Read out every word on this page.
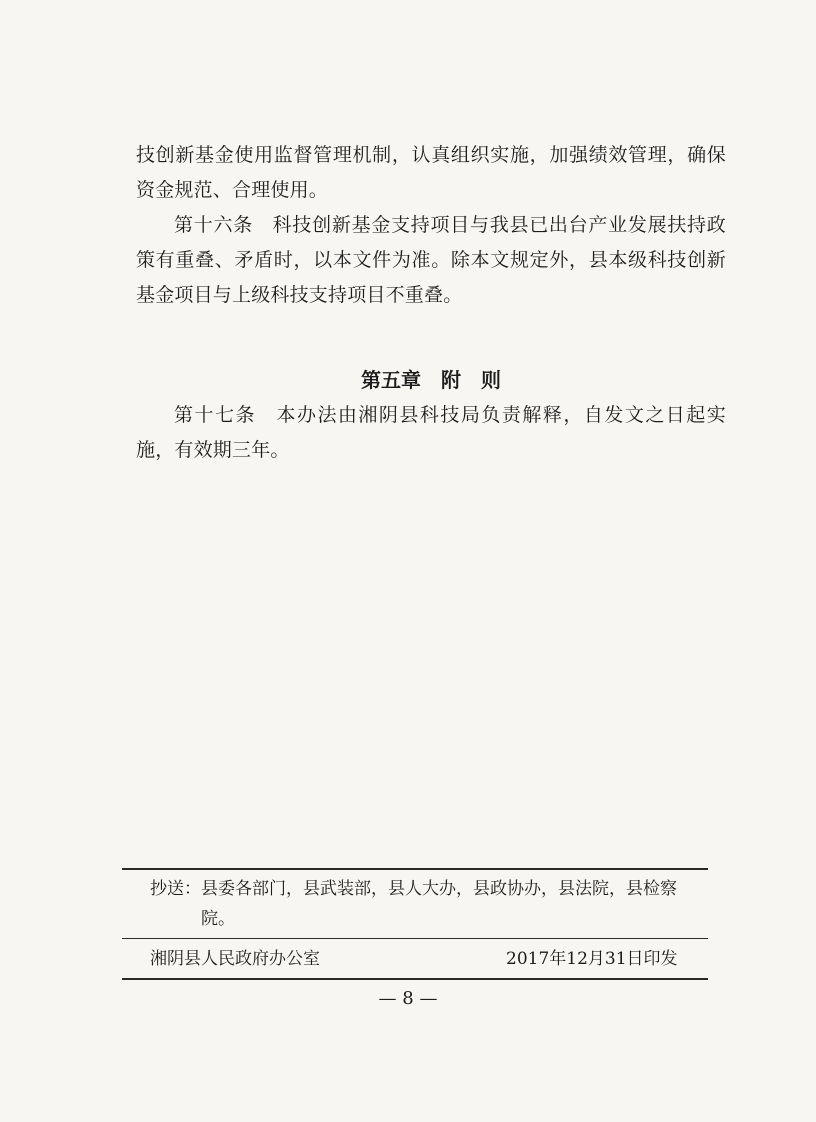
技创新基金使用监督管理机制，认真组织实施，加强绩效管理，确保资金规范、合理使用。

第十六条　科技创新基金支持项目与我县已出台产业发展扶持政策有重叠、矛盾时，以本文件为准。除本文规定外，县本级科技创新基金项目与上级科技支持项目不重叠。

第五章　附　则

第十七条　本办法由湘阴县科技局负责解释，自发文之日起实施，有效期三年。

抄送： 县委各部门，县武装部，县人大办，县政协办，县法院，县检察院。
湘阴县人民政府办公室	2017年12月31日印发
— 8 —
